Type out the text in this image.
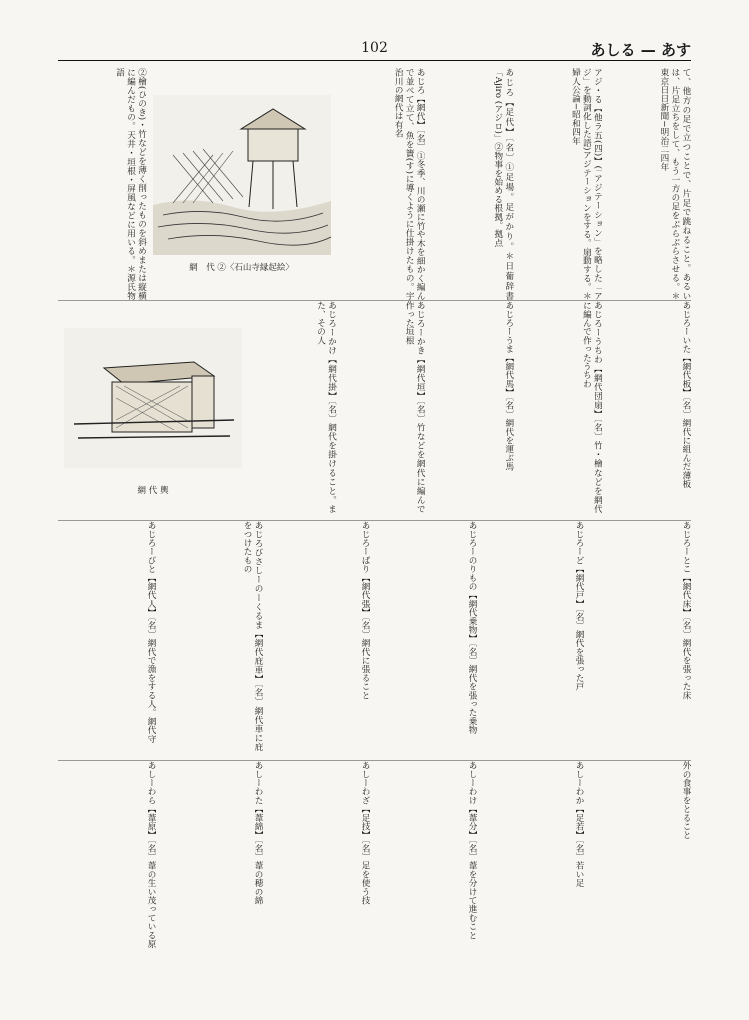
102	あしる — あす
て、他方の足で立つことで、片足で跳ねること。あるいは、片足立ちをして、もう一方の足をぶらぶらさせる。＊東京日日新聞−明治二四年
アジ・る【他ラ五(四)】(「アジテーション」を略した「アジ」を動詞化した語)アジテーションをする。扇動する。＊婦人公論−昭和四年
あじろ【足代】〔名〕①足場。足がかり。＊日葡辞書「Ajiro (アジロ)」②物事を始める根拠。拠点
あじろ【網代】〔名〕①冬季、川の瀬に竹や木を細かく編んで並べて立て、魚を簀(す)に導くように仕掛けたもの。宇治川の網代は有名
網　代 ②〈石山寺縁起絵〉
②檜(ひのき)・竹などを薄く削ったものを斜めまたは縦横に編んだもの。天井・垣根・屏風などに用いる。＊源氏物語
あじろーいた【網代板】〔名〕網代に組んだ薄板
あじろーうちわ【網代団扇】〔名〕竹・檜などを網代に編んで作ったうちわ
あじろーうま【網代馬】〔名〕網代を運ぶ馬
あじろーかき【網代垣】〔名〕竹などを網代に編んで作った垣根
あじろーかけ【網代掛】〔名〕網代を掛けること。また、その人
網 代 輿
あじろーとこ【網代床】〔名〕網代を張った床
あじろーど【網代戸】〔名〕網代を張った戸
あじろーのりもの【網代乗物】〔名〕網代を張った乗物
あじろーばり【網代張】〔名〕網代に張ること
あじろびさしーのーくるま【網代庇車】〔名〕網代車に庇をつけたもの
あじろーびと【網代人】〔名〕網代で漁をする人。網代守
外の食事をとること
あしーわか【足若】〔名〕若い足
あしーわけ【葦分】〔名〕葦を分けて進むこと
あしーわざ【足技】〔名〕足を使う技
あしーわた【葦綿】〔名〕葦の穂の綿
あしーわら【葦原】〔名〕葦の生い茂っている原
